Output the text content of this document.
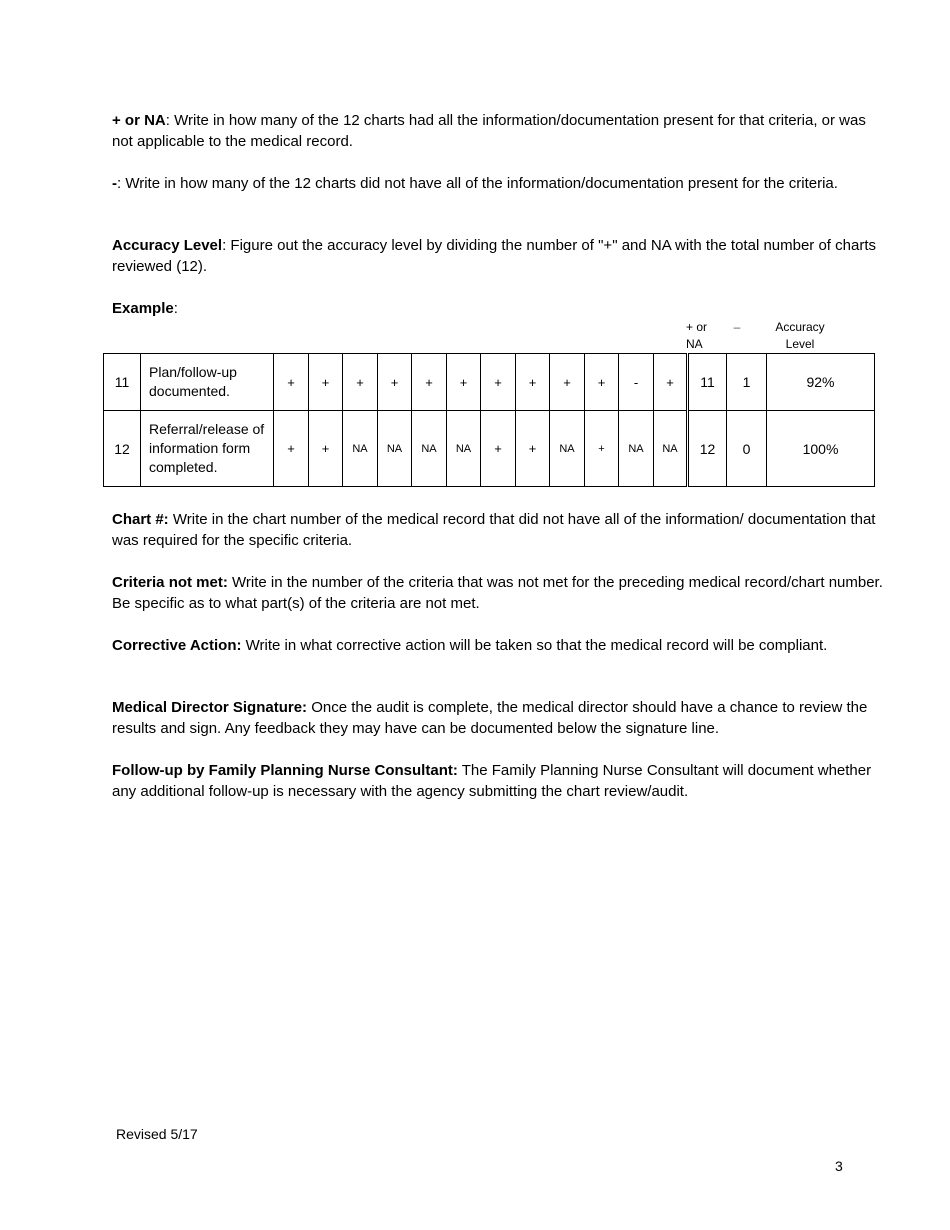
+ or NA: Write in how many of the 12 charts had all the information/documentation present for that criteria, or was not applicable to the medical record.

-: Write in how many of the 12 charts did not have all of the information/documentation present for the criteria.

Accuracy Level: Figure out the accuracy level by dividing the number of "+" and NA with the total number of charts reviewed (12).

Example:

+ or
NA
–	Accuracy
Level
11	Plan/follow-up documented.	+	+	+	+	+	+	+	+	+	+	-	+	11	1	92%
12	Referral/release of information form completed.	+	+	NA	NA	NA	NA	+	+	NA	+	NA	NA	12	0	100%

Chart #: Write in the chart number of the medical record that did not have all of the information/ documentation that was required for the specific criteria.

Criteria not met: Write in the number of the criteria that was not met for the preceding medical record/chart number. Be specific as to what part(s) of the criteria are not met.

Corrective Action: Write in what corrective action will be taken so that the medical record will be compliant.

Medical Director Signature: Once the audit is complete, the medical director should have a chance to review the results and sign. Any feedback they may have can be documented below the signature line.

Follow-up by Family Planning Nurse Consultant: The Family Planning Nurse Consultant will document whether any additional follow-up is necessary with the agency submitting the chart review/audit.

Revised 5/17
3
